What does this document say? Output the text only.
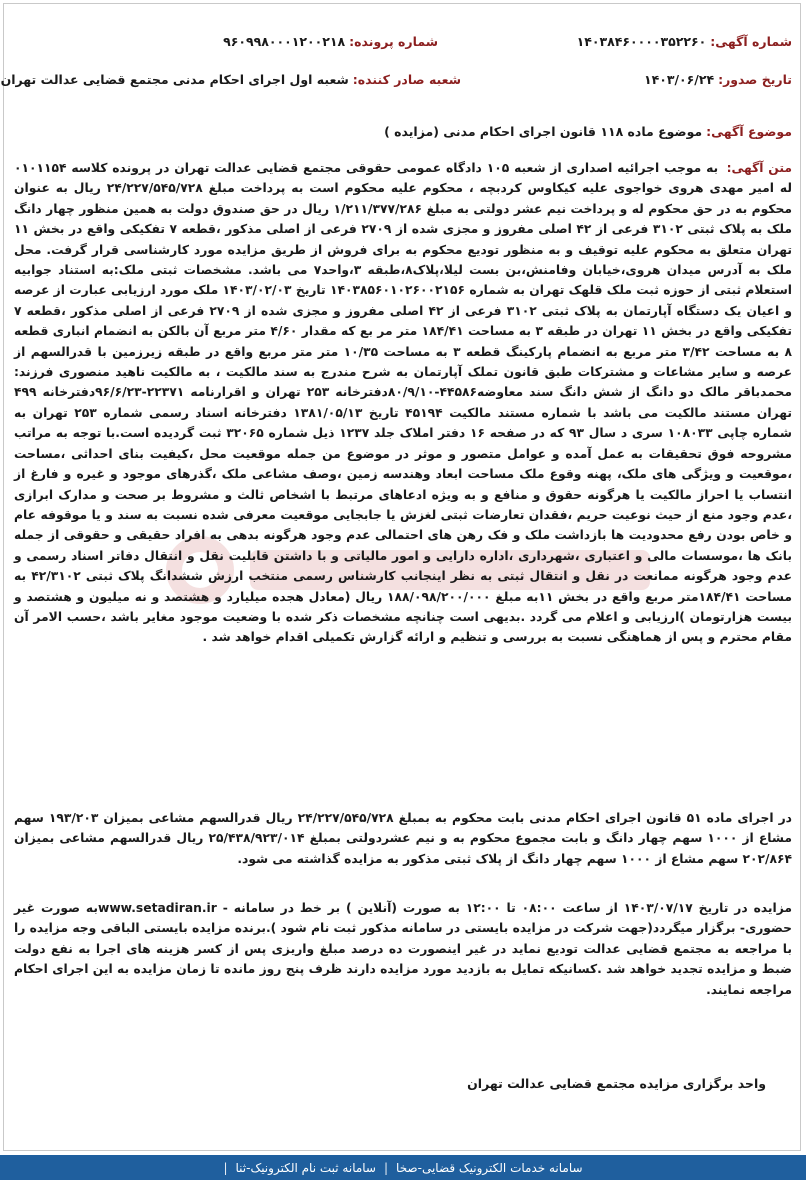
شماره آگهی: ۱۴۰۳۸۴۶۰۰۰۰۳۵۲۲۶۰
شماره پرونده: ۹۶۰۹۹۸۰۰۰۱۲۰۰۲۱۸
تاریخ صدور: ۱۴۰۳/۰۶/۲۴
شعبه صادر کننده: شعبه اول اجرای احکام مدنی مجتمع قضایی عدالت تهران
موضوع آگهی: موضوع ماده ۱۱۸ قانون اجرای احکام مدنی (مزایده )
متن آگهی: به موجب اجرائیه اصداری از شعبه ۱۰۵ دادگاه عمومی حقوقی مجتمع قضایی عدالت تهران در پرونده کلاسه ۰۱۰۱۱۵۴ له امیر مهدی هروی خواجوی علیه کیکاوس کردبچه ، محکوم علیه محکوم است به پرداخت مبلغ ۲۴/۲۲۷/۵۴۵/۷۲۸ ریال به عنوان محکوم به در حق محکوم له و پرداخت نیم عشر دولتی به مبلغ ۱/۲۱۱/۳۷۷/۲۸۶ ریال در حق صندوق دولت به همین منظور چهار دانگ ملک به پلاک ثبتی ۳۱۰۲ فرعی از ۴۲ اصلی مفروز و مجزی شده از ۲۷۰۹ فرعی از اصلی مذکور ،قطعه ۷ تفکیکی واقع در بخش ۱۱ تهران متعلق به محکوم علیه توقیف و به منظور توديع محکوم به برای فروش از طریق مزایده مورد کارشناسی قرار گرفت. محل ملک به آدرس میدان هروی،خیابان وفامنش،بن بست لیلا،پلاک۸،طبقه ۳،واحد۷ می باشد. مشخصات ثبتی ملک:به استناد جوابیه استعلام ثبتی از حوزه ثبت ملک قلهک تهران به شماره ۱۴۰۳۸۵۶۰۱۰۲۶۰۰۲۱۵۶ تاریخ ۱۴۰۳/۰۲/۰۳ ملک مورد ارزیابی عبارت از عرصه و اعیان یک دستگاه آپارتمان به پلاک ثبتی ۳۱۰۲ فرعی از ۴۲ اصلی مفروز و مجزی شده از ۲۷۰۹ فرعی از اصلی مذکور ،قطعه ۷ تفکیکی واقع در بخش ۱۱ تهران در طبقه ۳ به مساحت ۱۸۴/۴۱ متر مر بع که مقدار ۴/۶۰ متر مربع آن بالکن به انضمام انباری قطعه ۸ به مساحت ۳/۴۲ متر مربع به انضمام پارکینگ قطعه ۳ به مساحت ۱۰/۳۵ متر متر مربع واقع در طبقه زیرزمین با قدرالسهم از عرصه و سایر مشاعات و مشترکات طبق قانون تملک آپارتمان به شرح مندرج به سند مالکیت ، به مالکیت ناهید منصوری فرزند: محمدباقر مالک دو دانگ از شش دانگ سند معاوضه۴۴۵۸۶-۸۰/۹/۱۰دفترخانه ۲۵۳ تهران و اقرارنامه ۲۲۳۷۱-۹۶/۶/۲۳دفترخانه ۴۹۹ تهران مستند مالکیت می باشد با شماره مستند مالکیت ۴۵۱۹۴ تاریخ ۱۳۸۱/۰۵/۱۳ دفترخانه اسناد رسمی شماره ۲۵۳ تهران به شماره چاپی ۱۰۸۰۳۳ سری د سال ۹۳ که در صفحه ۱۶ دفتر املاک جلد ۱۲۳۷ ذیل شماره ۳۲۰۶۵ ثبت گردیده است.با توجه به مراتب مشروحه فوق تحقیقات به عمل آمده و عوامل متصور و موثر در موضوع من جمله موقعیت محل ،کیفیت بنای احداثی ،مساحت ،موقعیت و ویژگی های ملک، پهنه وقوع ملک مساحت ابعاد وهندسه زمین ،وصف مشاعی ملک ،گذرهای موجود و غیره و فارغ از انتساب یا احراز مالکیت یا هرگونه حقوق و منافع و به ویژه ادعاهای مرتبط با اشخاص ثالث و مشروط بر صحت و مدارک ابرازی ،عدم وجود منع از حیث نوعیت حریم ،فقدان تعارضات ثبتی لغزش یا جابجایی موقعیت معرفی شده نسبت به سند و یا موقوفه عام و خاص بودن رفع محدودیت ها بازداشت ملک و فک رهن های احتمالی عدم وجود هرگونه بدهی به افراد حقیقی و حقوقی از جمله بانک ها ،موسسات مالی و اعتباری ،شهرداری ،اداره دارایی و امور مالیاتی و با داشتن قابلیت نقل و انتقال دفاتر اسناد رسمی و عدم وجود هرگونه ممانعت در نقل و انتقال ثبتی به نظر اینجانب کارشناس رسمی منتخب ارزش ششدانگ پلاک ثبتی ۴۲/۳۱۰۲ به مساحت ۱۸۴/۴۱متر مربع واقع در بخش ۱۱به مبلغ ۱۸۸/۰۹۸/۲۰۰/۰۰۰ ریال (معادل هجده میلیارد و هشتصد و نه میلیون و هشتصد و بیست هزارتومان )ارزیابی و اعلام می گردد .بدیهی است چنانچه مشخصات ذکر شده با وضعیت موجود مغایر باشد ،حسب الامر آن مقام محترم و پس از هماهنگی نسبت به بررسی و تنظیم و ارائه گزارش تکمیلی اقدام خواهد شد .
در اجرای ماده ۵۱ قانون اجرای احکام مدنی بابت محکوم به بمبلغ ۲۴/۲۲۷/۵۴۵/۷۲۸ ریال قدرالسهم مشاعی بمیزان ۱۹۳/۲۰۳ سهم مشاع از ۱۰۰۰ سهم چهار دانگ و بابت مجموع محکوم به و نیم عشردولتی بمبلغ ۲۵/۴۳۸/۹۲۳/۰۱۴ ریال قدرالسهم مشاعی بمیزان ۲۰۲/۸۶۴ سهم مشاع از ۱۰۰۰ سهم چهار دانگ از پلاک ثبتی مذکور به مزایده گذاشته می شود.
مزایده در تاریخ ۱۴۰۳/۰۷/۱۷ از ساعت ۰۸:۰۰ تا ۱۲:۰۰ به صورت (آنلاین ) بر خط در سامانه - www.setadiran.irبه صورت غیر حضوری- برگزار میگردد(جهت شرکت در مزایده بایستی در سامانه مذکور ثبت نام شود ).برنده مزایده بایستی الباقی وجه مزایده را با مراجعه به مجتمع قضایی عدالت توديع نماید در غیر اینصورت ده درصد مبلغ واریزی پس از کسر هزینه های اجرا به نفع دولت ضبط و مزایده تجدید خواهد شد .کسانیکه تمایل به بازدید مورد مزایده دارند ظرف پنج روز مانده تا زمان مزایده به این اجرای احکام مراجعه نمایند.
واحد برگزاری مزایده مجتمع قضایی عدالت تهران
سامانه خدمات الکترونیک قضایی-صخا
|
سامانه ثبت نام الکترونیک-ثنا
|
